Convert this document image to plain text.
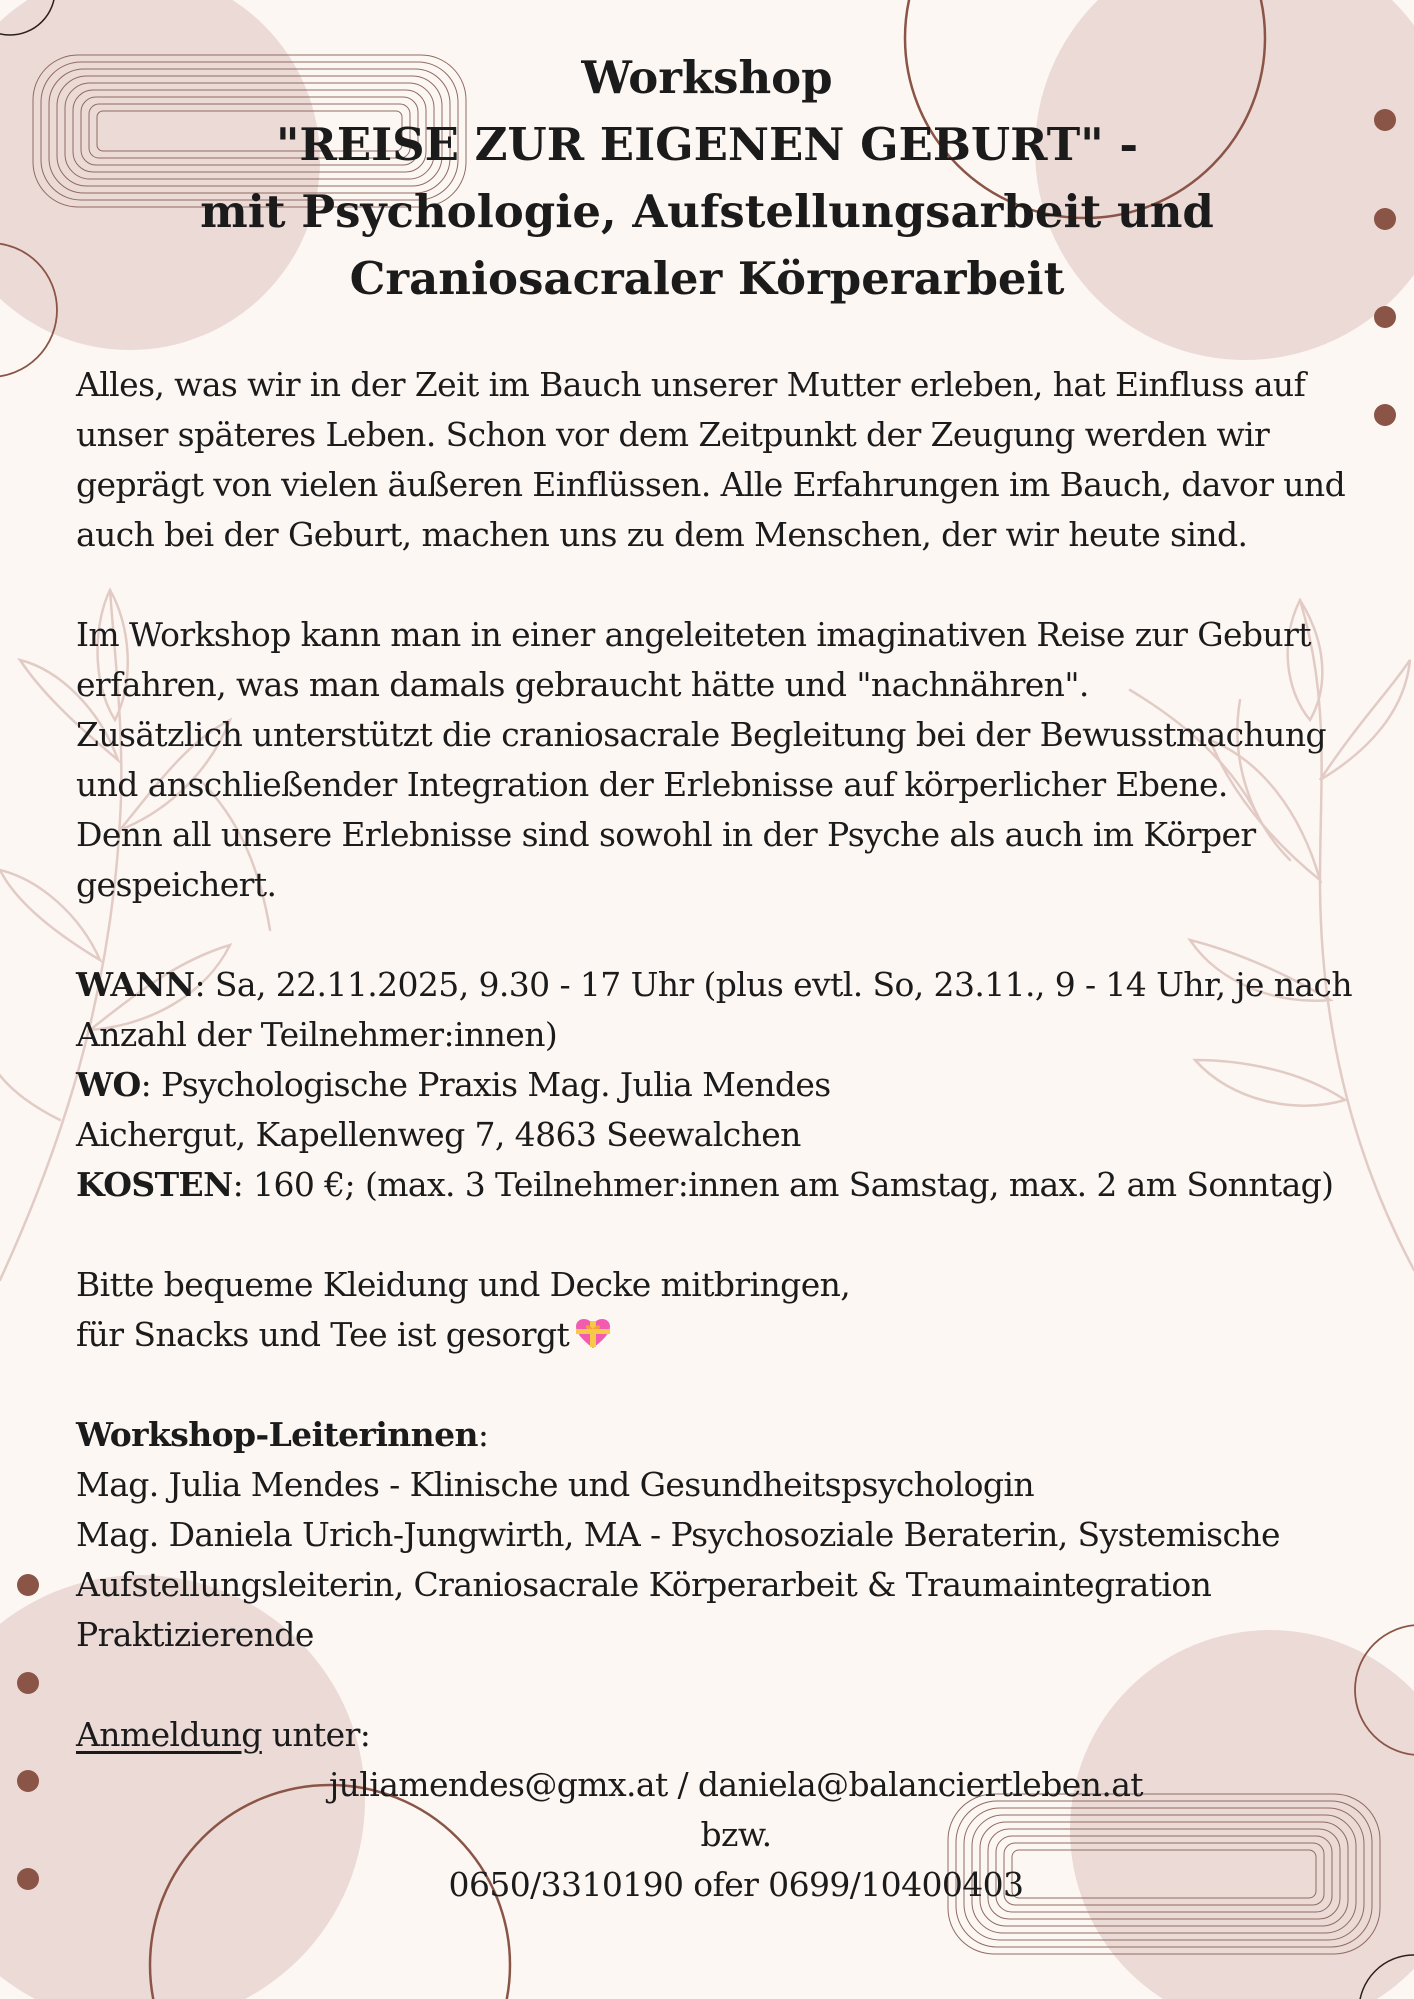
Workshop
"REISE ZUR EIGENEN GEBURT" -
mit Psychologie, Aufstellungsarbeit und
Craniosacraler Körperarbeit

Alles, was wir in der Zeit im Bauch unserer Mutter erleben, hat Einfluss auf

unser späteres Leben. Schon vor dem Zeitpunkt der Zeugung werden wir

geprägt von vielen äußeren Einflüssen. Alle Erfahrungen im Bauch, davor und

auch bei der Geburt, machen uns zu dem Menschen, der wir heute sind.

Im Workshop kann man in einer angeleiteten imaginativen Reise zur Geburt

erfahren, was man damals gebraucht hätte und "nachnähren".

Zusätzlich unterstützt die craniosacrale Begleitung bei der Bewusstmachung

und anschließender Integration der Erlebnisse auf körperlicher Ebene.

Denn all unsere Erlebnisse sind sowohl in der Psyche als auch im Körper

gespeichert.

WANN: Sa, 22.11.2025, 9.30 - 17 Uhr (plus evtl. So, 23.11., 9 - 14 Uhr, je nach

Anzahl der Teilnehmer:innen)

WO: Psychologische Praxis Mag. Julia Mendes

Aichergut, Kapellenweg 7, 4863 Seewalchen

KOSTEN: 160 €; (max. 3 Teilnehmer:innen am Samstag, max. 2 am Sonntag)

Bitte bequeme Kleidung und Decke mitbringen,

für Snacks und Tee ist gesorgt

Workshop-Leiterinnen:

Mag. Julia Mendes - Klinische und Gesundheitspsychologin

Mag. Daniela Urich-Jungwirth, MA - Psychosoziale Beraterin, Systemische

Aufstellungsleiterin, Craniosacrale Körperarbeit & Traumaintegration

Praktizierende

Anmeldung unter:

juliamendes@gmx.at / daniela@balanciertleben.at

bzw.

0650/3310190 ofer 0699/10400403
